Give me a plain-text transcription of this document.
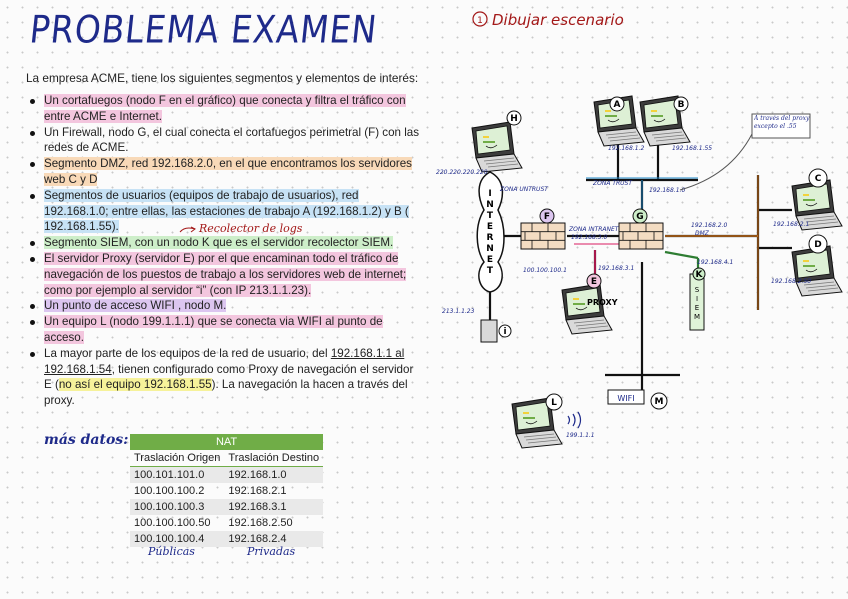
PROBLEMA EXAMEN
La empresa ACME, tiene los siguientes segmentos y elementos de interés:
Un cortafuegos (nodo F en el gráfico) que conecta y filtra el tráfico con entre ACME e Internet.
Un Firewall, nodo G, el cual conecta el cortafuegos perimetral (F) con las redes de ACME.
Segmento DMZ, red 192.168.2.0, en el que encontramos los servidores web C y D
Segmentos de usuarios (equipos de trabajo de usuarios), red 192.168.1.0; entre ellas, las estaciones de trabajo A (192.168.1.2) y B ( 192.168.1.55).
Segmento SIEM, con un nodo K que es el servidor recolector SIEM.
El servidor Proxy (servidor E) por el que encaminan todo el tráfico de navegación de los puestos de trabajo a los servidores web de internet; como por ejemplo al servidor “i” (con IP 213.1.1.23).
Un punto de acceso WIFI , nodo M.
Un equipo L (nodo 199.1.1.1) que se conecta via WIFI al punto de acceso.
La mayor parte de los equipos de la red de usuario, del 192.168.1.1 al 192.168.1.54, tienen configurado como Proxy de navegación el servidor E (no así el equipo 192.168.1.55). La navegación la hacen a través del proxy.
Recolector de logs
más datos:	NAT	
Traslación Origen	Traslación Destino
100.101.101.0	192.168.1.0
100.100.100.2	192.168.2.1
100.100.100.3	192.168.3.1
100.100.100.50	192.168.2.50
100.100.100.4	192.168.2.4
Públicas	Privadas
1 Dibujar escenario
I N T E R N E T
PROXY
S I E M
WIFI
H
A	B
C
D
F	G
E
i
K
L	M
220.220.220.220
ZONA UNTRUST
ZONA TRUST
ZONA INTRANET
192.168.3.0
100.100.100.1	192.168.3.1
213.1.1.23
192.168.1.2	192.168.1.55
192.168.1.0
192.168.2.0
DMZ
192.168.2.1
192.168.2.50
192.168.4.1
199.1.1.1
A través del proxy excepto el .55
